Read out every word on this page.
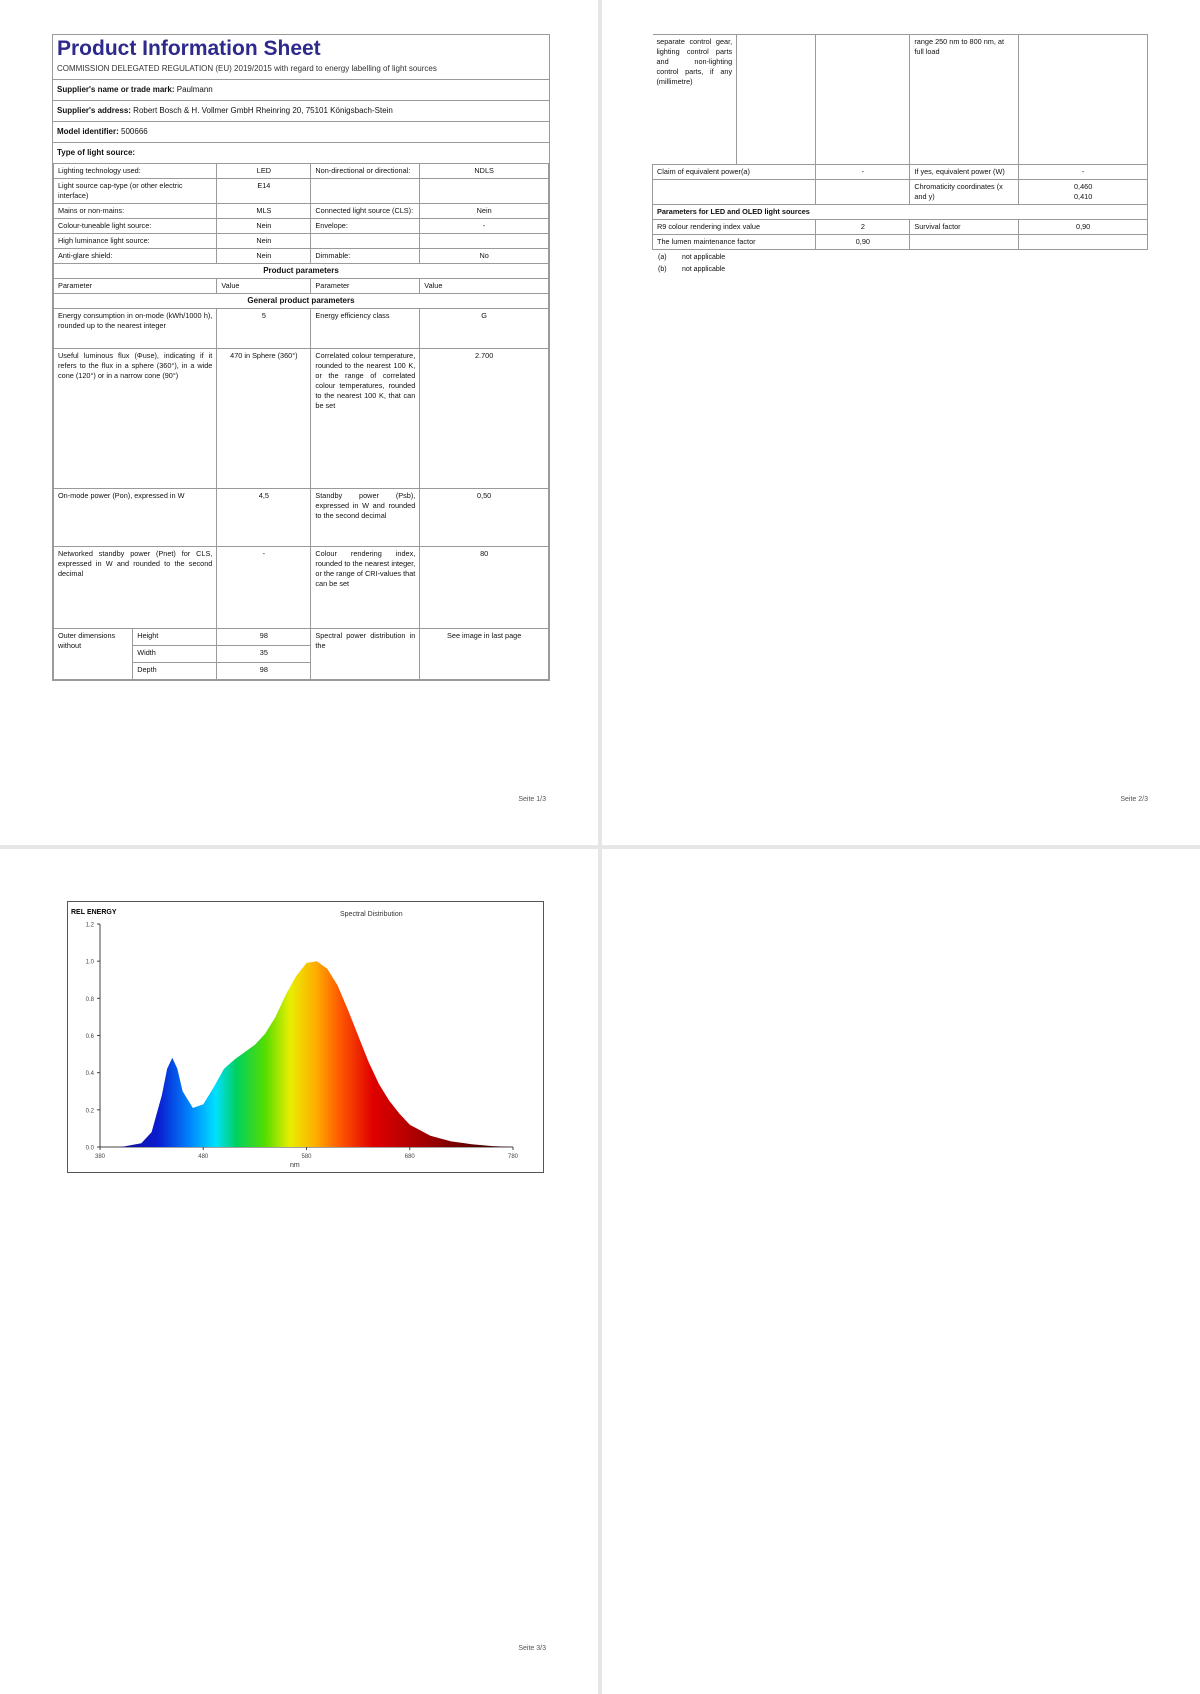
Product Information Sheet
COMMISSION DELEGATED REGULATION (EU) 2019/2015 with regard to energy labelling of light sources
Supplier's name or trade mark: Paulmann
Supplier's address: Robert Bosch & H. Vollmer GmbH Rheinring 20, 75101 Königsbach-Stein
Model identifier: 500666
Type of light source:
Lighting technology used:	LED	Non-directional or directional:	NDLS
Light source cap-type (or other electric interface)	E14		
Mains or non-mains:	MLS	Connected light source (CLS):	Nein
Colour-tuneable light source:	Nein	Envelope:	-
High luminance light source:	Nein		
Anti-glare shield:	Nein	Dimmable:	No
Product parameters			
Parameter	Value	Parameter	Value
General product parameters			
Energy consumption in on-mode (kWh/1000 h), rounded up to the nearest integer	5	Energy efficiency class	G
Useful luminous flux (Φuse), indicating if it refers to the flux in a sphere (360°), in a wide cone (120°) or in a narrow cone (90°)	470 in Sphere (360°)	Correlated colour temperature, rounded to the nearest 100 K, or the range of correlated colour temperatures, rounded to the nearest 100 K, that can be set	2.700
On-mode power (Pon), expressed in W	4,5	Standby power (Psb), expressed in W and rounded to the second decimal	0,50
Networked standby power (Pnet) for CLS, expressed in W and rounded to the second decimal	-	Colour rendering index, rounded to the nearest integer, or the range of CRI-values that can be set	80
Outer dimensions without	Height	98	Spectral power distribution in the	See image in last page
	Width	35		
	Depth	98		
Seite 1/3
separate control gear, lighting control parts and non-lighting control parts, if any (millimetre)			range 250 nm to 800 nm, at full load	
Claim of equivalent power(a)		-	If yes, equivalent power (W)	-
			Chromaticity coordinates (x and y)	0,460
0,410

Parameters for LED and OLED light sources				
R9 colour rendering index value		2	Survival factor	0,90
The lumen maintenance factor		0,90		
(a) not applicable
(b) not applicable
Seite 2/3
REL ENERGY	Spectral Distribution
1.2
1.0
0.8
0.6
0.4
0.2
0.0
380	480	580	680	780
nm
Seite 3/3
